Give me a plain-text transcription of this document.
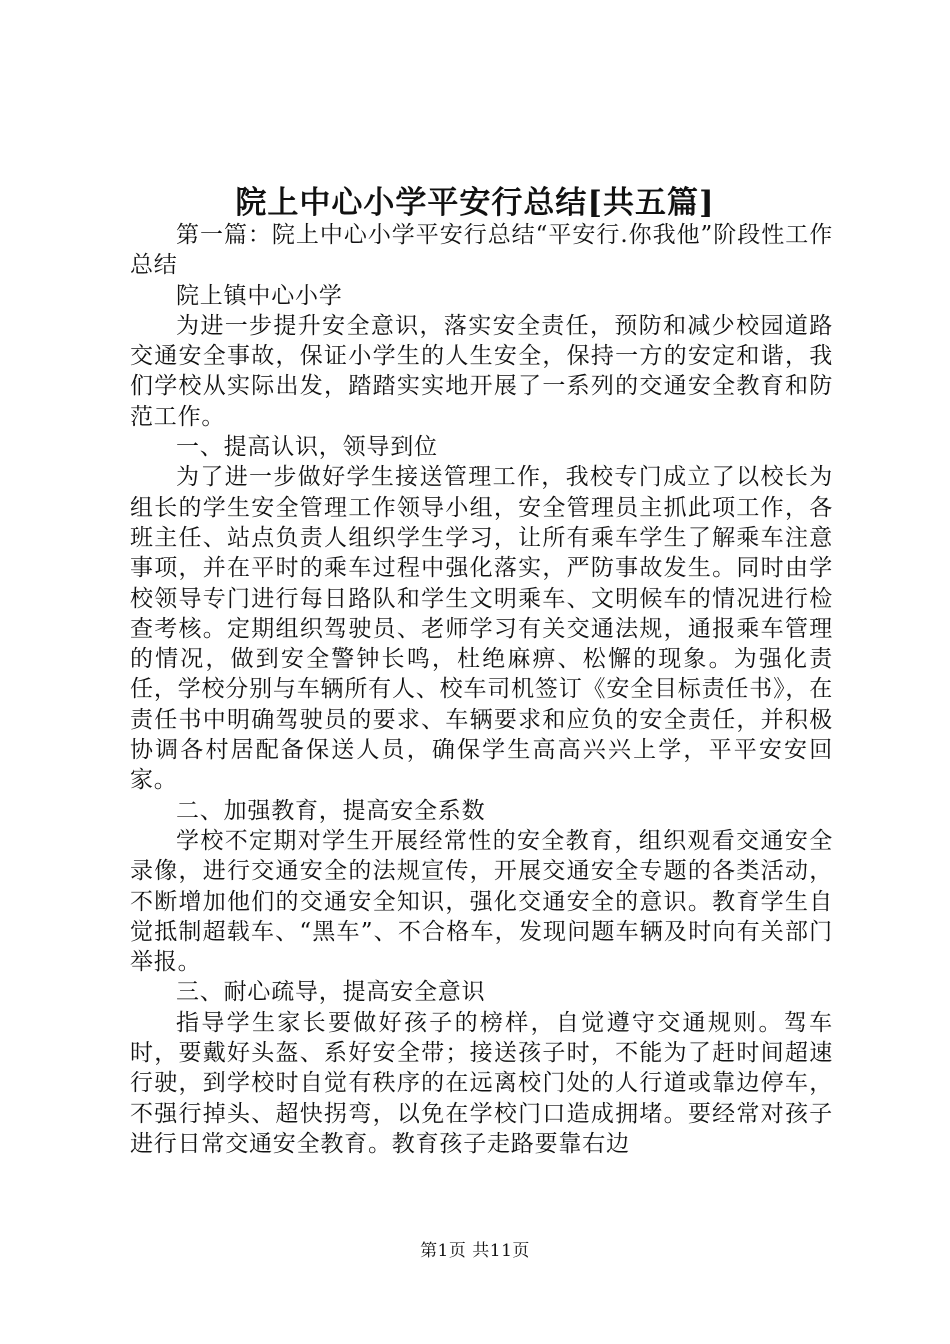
院上中心小学平安行总结[共五篇]

第一篇：院上中心小学平安行总结“平安行.你我他”阶段性工作总结

院上镇中心小学

为进一步提升安全意识，落实安全责任，预防和减少校园道路交通安全事故，保证小学生的人生安全，保持一方的安定和谐，我们学校从实际出发，踏踏实实地开展了一系列的交通安全教育和防范工作。

一、提高认识，领导到位

为了进一步做好学生接送管理工作，我校专门成立了以校长为组长的学生安全管理工作领导小组，安全管理员主抓此项工作，各班主任、站点负责人组织学生学习，让所有乘车学生了解乘车注意事项，并在平时的乘车过程中强化落实，严防事故发生。同时由学校领导专门进行每日路队和学生文明乘车、文明候车的情况进行检查考核。定期组织驾驶员、老师学习有关交通法规，通报乘车管理的情况，做到安全警钟长鸣，杜绝麻痹、松懈的现象。为强化责任，学校分别与车辆所有人、校车司机签订《安全目标责任书》，在责任书中明确驾驶员的要求、车辆要求和应负的安全责任，并积极协调各村居配备保送人员，确保学生高高兴兴上学，平平安安回家。

二、加强教育，提高安全系数

学校不定期对学生开展经常性的安全教育，组织观看交通安全录像，进行交通安全的法规宣传，开展交通安全专题的各类活动，不断增加他们的交通安全知识，强化交通安全的意识。教育学生自觉抵制超载车、“黑车”、不合格车，发现问题车辆及时向有关部门举报。

三、耐心疏导，提高安全意识

指导学生家长要做好孩子的榜样，自觉遵守交通规则。驾车时，要戴好头盔、系好安全带；接送孩子时，不能为了赶时间超速行驶，到学校时自觉有秩序的在远离校门处的人行道或靠边停车，不强行掉头、超快拐弯，以免在学校门口造成拥堵。要经常对孩子进行日常交通安全教育。教育孩子走路要靠右边

第1页 共11页
